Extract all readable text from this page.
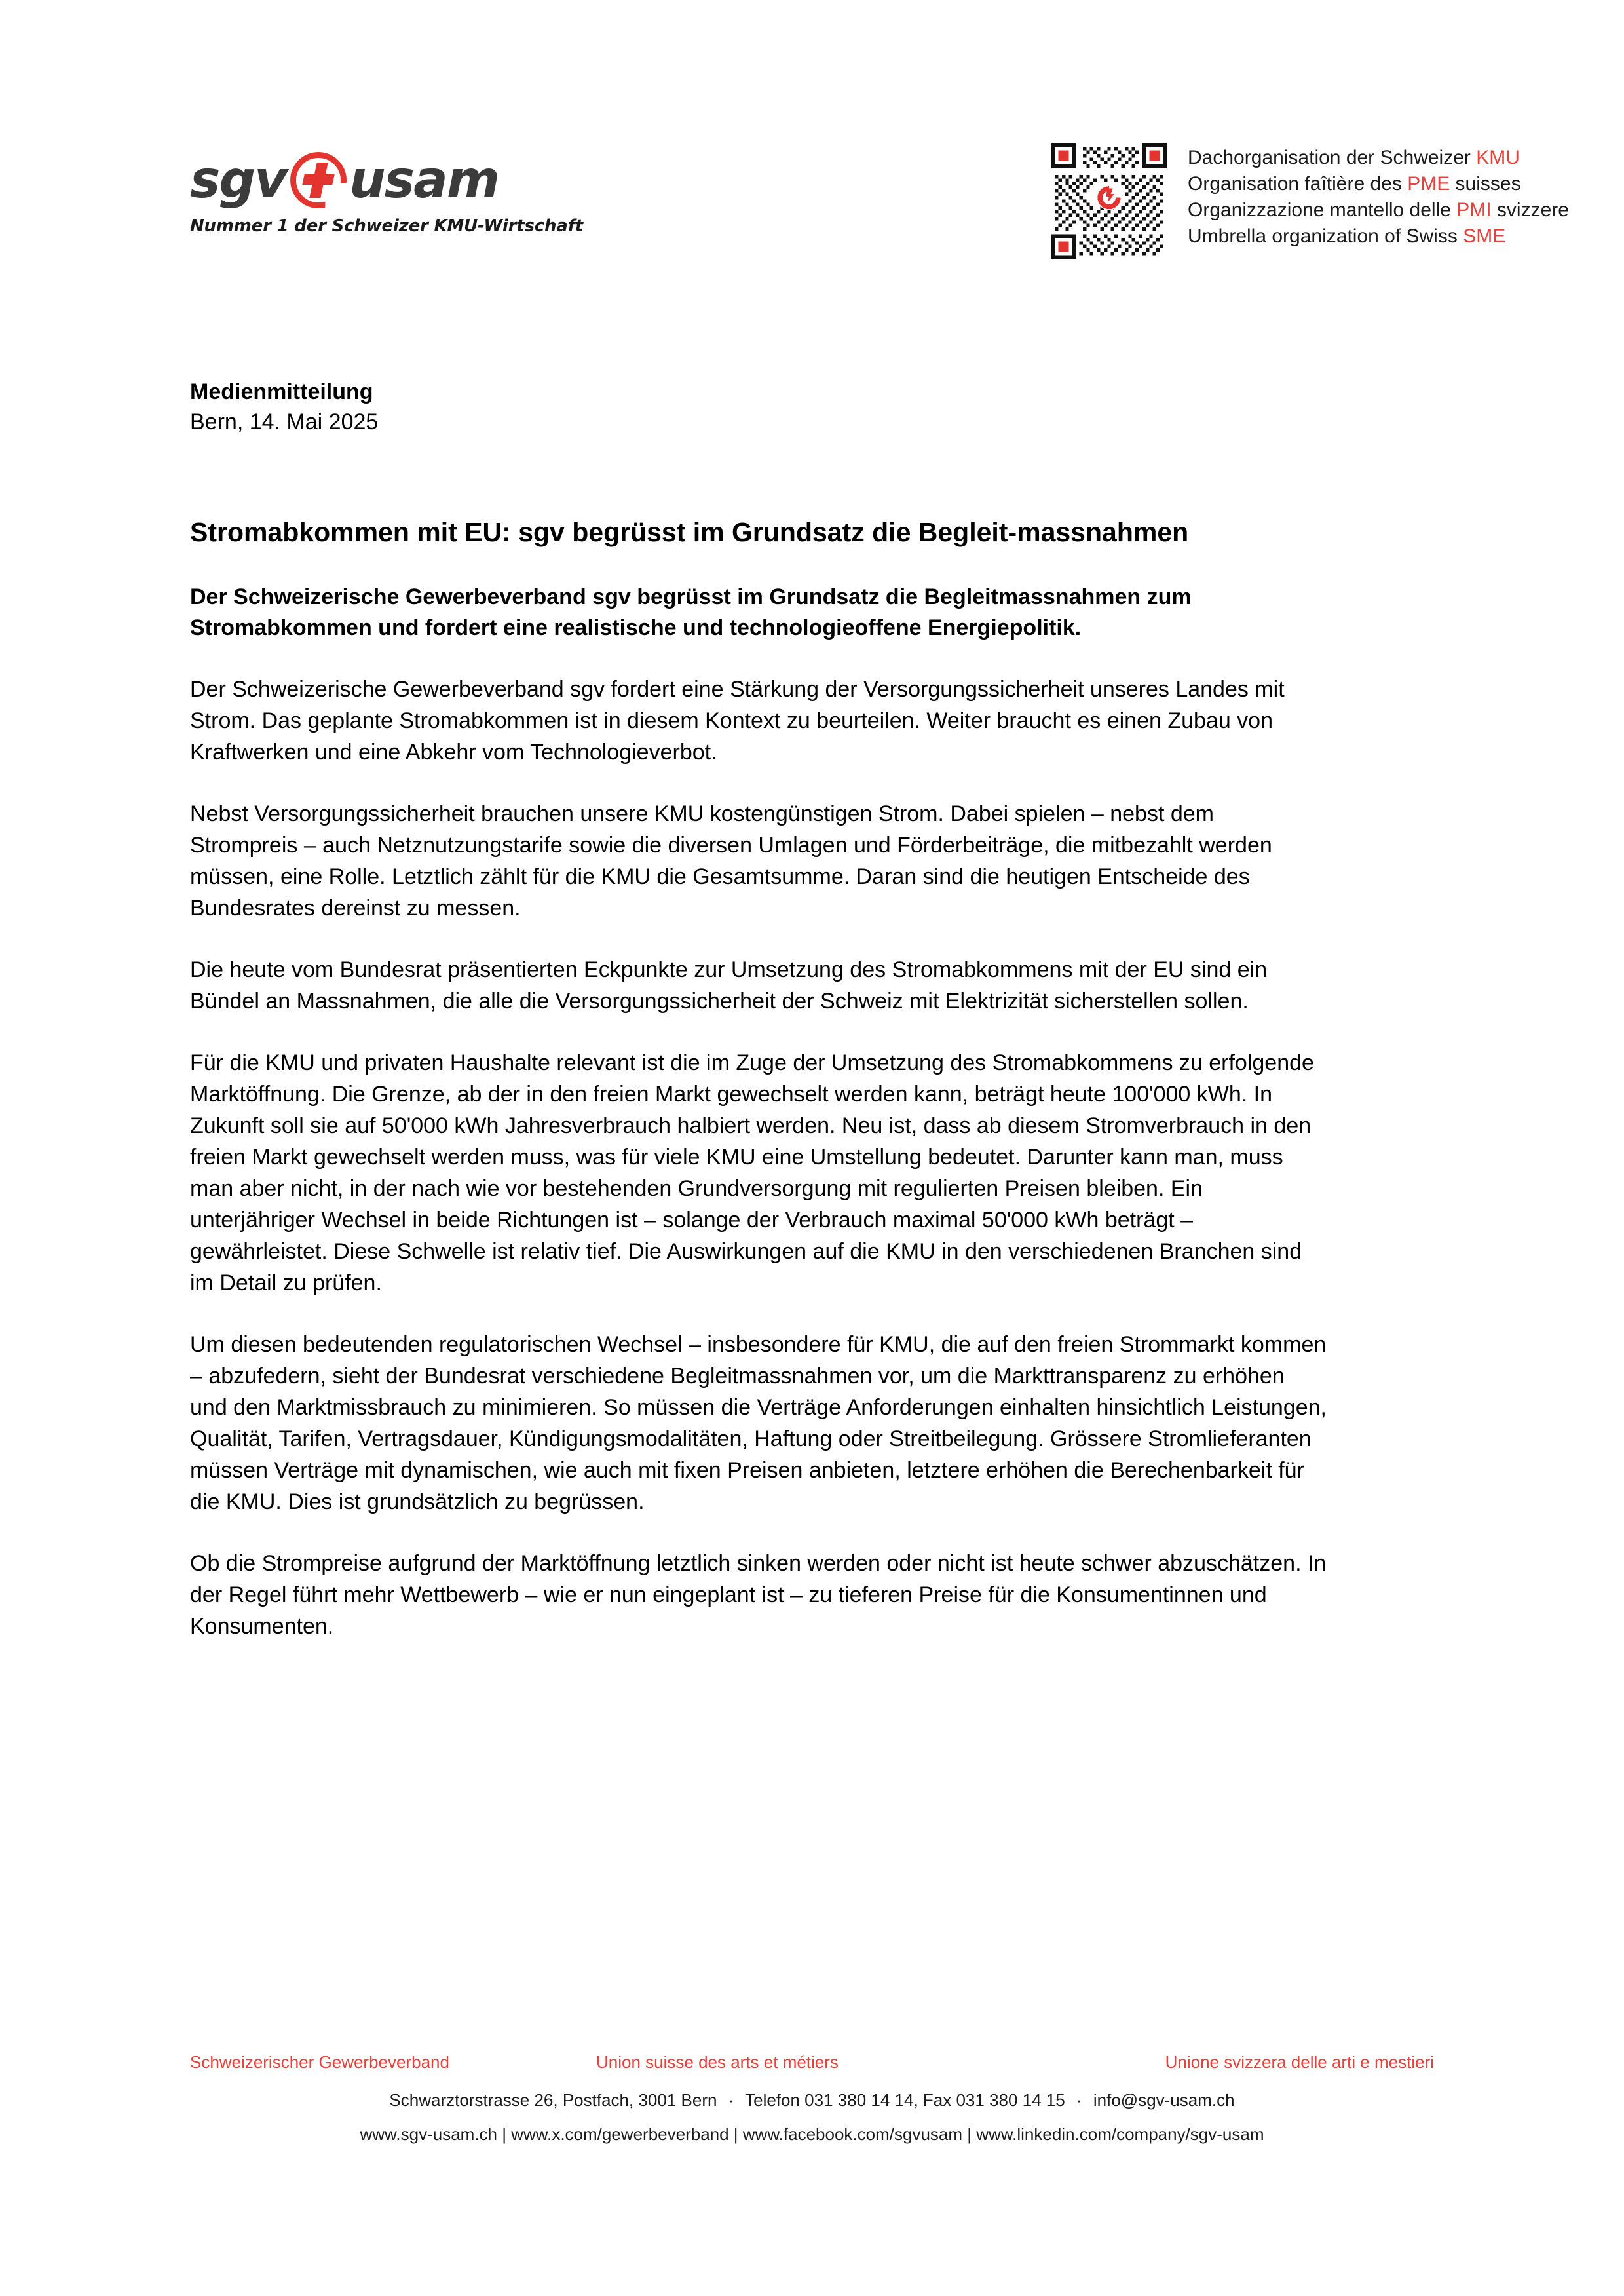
sgv usam
Nummer 1 der Schweizer KMU-Wirtschaft
Dachorganisation der Schweizer KMU
Organisation faîtière des PME suisses
Organizzazione mantello delle PMI svizzere
Umbrella organization of Swiss SME
Medienmitteilung
Bern, 14. Mai 2025
Stromabkommen mit EU: sgv begrüsst im Grundsatz die Begleit-massnahmen

Der Schweizerische Gewerbeverband sgv begrüsst im Grundsatz die Begleitmassnahmen zum Stromabkommen und fordert eine realistische und technologieoffene Energiepolitik.

Der Schweizerische Gewerbeverband sgv fordert eine Stärkung der Versorgungssicherheit unseres Landes mit Strom. Das geplante Stromabkommen ist in diesem Kontext zu beurteilen. Weiter braucht es einen Zubau von Kraftwerken und eine Abkehr vom Technologieverbot.

Nebst Versorgungssicherheit brauchen unsere KMU kostengünstigen Strom. Dabei spielen – nebst dem Strompreis – auch Netznutzungstarife sowie die diversen Umlagen und Förderbeiträge, die mitbezahlt werden müssen, eine Rolle. Letztlich zählt für die KMU die Gesamtsumme. Daran sind die heutigen Entscheide des Bundesrates dereinst zu messen.

Die heute vom Bundesrat präsentierten Eckpunkte zur Umsetzung des Stromabkommens mit der EU sind ein Bündel an Massnahmen, die alle die Versorgungssicherheit der Schweiz mit Elektrizität sicherstellen sollen.

Für die KMU und privaten Haushalte relevant ist die im Zuge der Umsetzung des Stromabkommens zu erfolgende Marktöffnung. Die Grenze, ab der in den freien Markt gewechselt werden kann, beträgt heute 100'000 kWh. In Zukunft soll sie auf 50'000 kWh Jahresverbrauch halbiert werden. Neu ist, dass ab diesem Stromverbrauch in den freien Markt gewechselt werden muss, was für viele KMU eine Umstellung bedeutet. Darunter kann man, muss man aber nicht, in der nach wie vor bestehenden Grundversorgung mit regulierten Preisen bleiben. Ein unterjähriger Wechsel in beide Richtungen ist – solange der Verbrauch maximal 50'000 kWh beträgt – gewährleistet. Diese Schwelle ist relativ tief. Die Auswirkungen auf die KMU in den verschiedenen Branchen sind im Detail zu prüfen.

Um diesen bedeutenden regulatorischen Wechsel – insbesondere für KMU, die auf den freien Strommarkt kommen – abzufedern, sieht der Bundesrat verschiedene Begleitmassnahmen vor, um die Markttransparenz zu erhöhen und den Marktmissbrauch zu minimieren. So müssen die Verträge Anforderungen einhalten hinsichtlich Leistungen, Qualität, Tarifen, Vertragsdauer, Kündigungsmodalitäten, Haftung oder Streitbeilegung. Grössere Stromlieferanten müssen Verträge mit dynamischen, wie auch mit fixen Preisen anbieten, letztere erhöhen die Berechenbarkeit für die KMU. Dies ist grundsätzlich zu begrüssen.

Ob die Strompreise aufgrund der Marktöffnung letztlich sinken werden oder nicht ist heute schwer abzuschätzen. In der Regel führt mehr Wettbewerb – wie er nun eingeplant ist – zu tieferen Preise für die Konsumentinnen und Konsumenten.

Schweizerischer Gewerbeverband	Union suisse des arts et métiers	Unione svizzera delle arti e mestieri
Schwarztorstrasse 26, Postfach, 3001 Bern · Telefon 031 380 14 14, Fax 031 380 14 15 · info@sgv-usam.ch
www.sgv-usam.ch | www.x.com/gewerbeverband | www.facebook.com/sgvusam | www.linkedin.com/company/sgv-usam
